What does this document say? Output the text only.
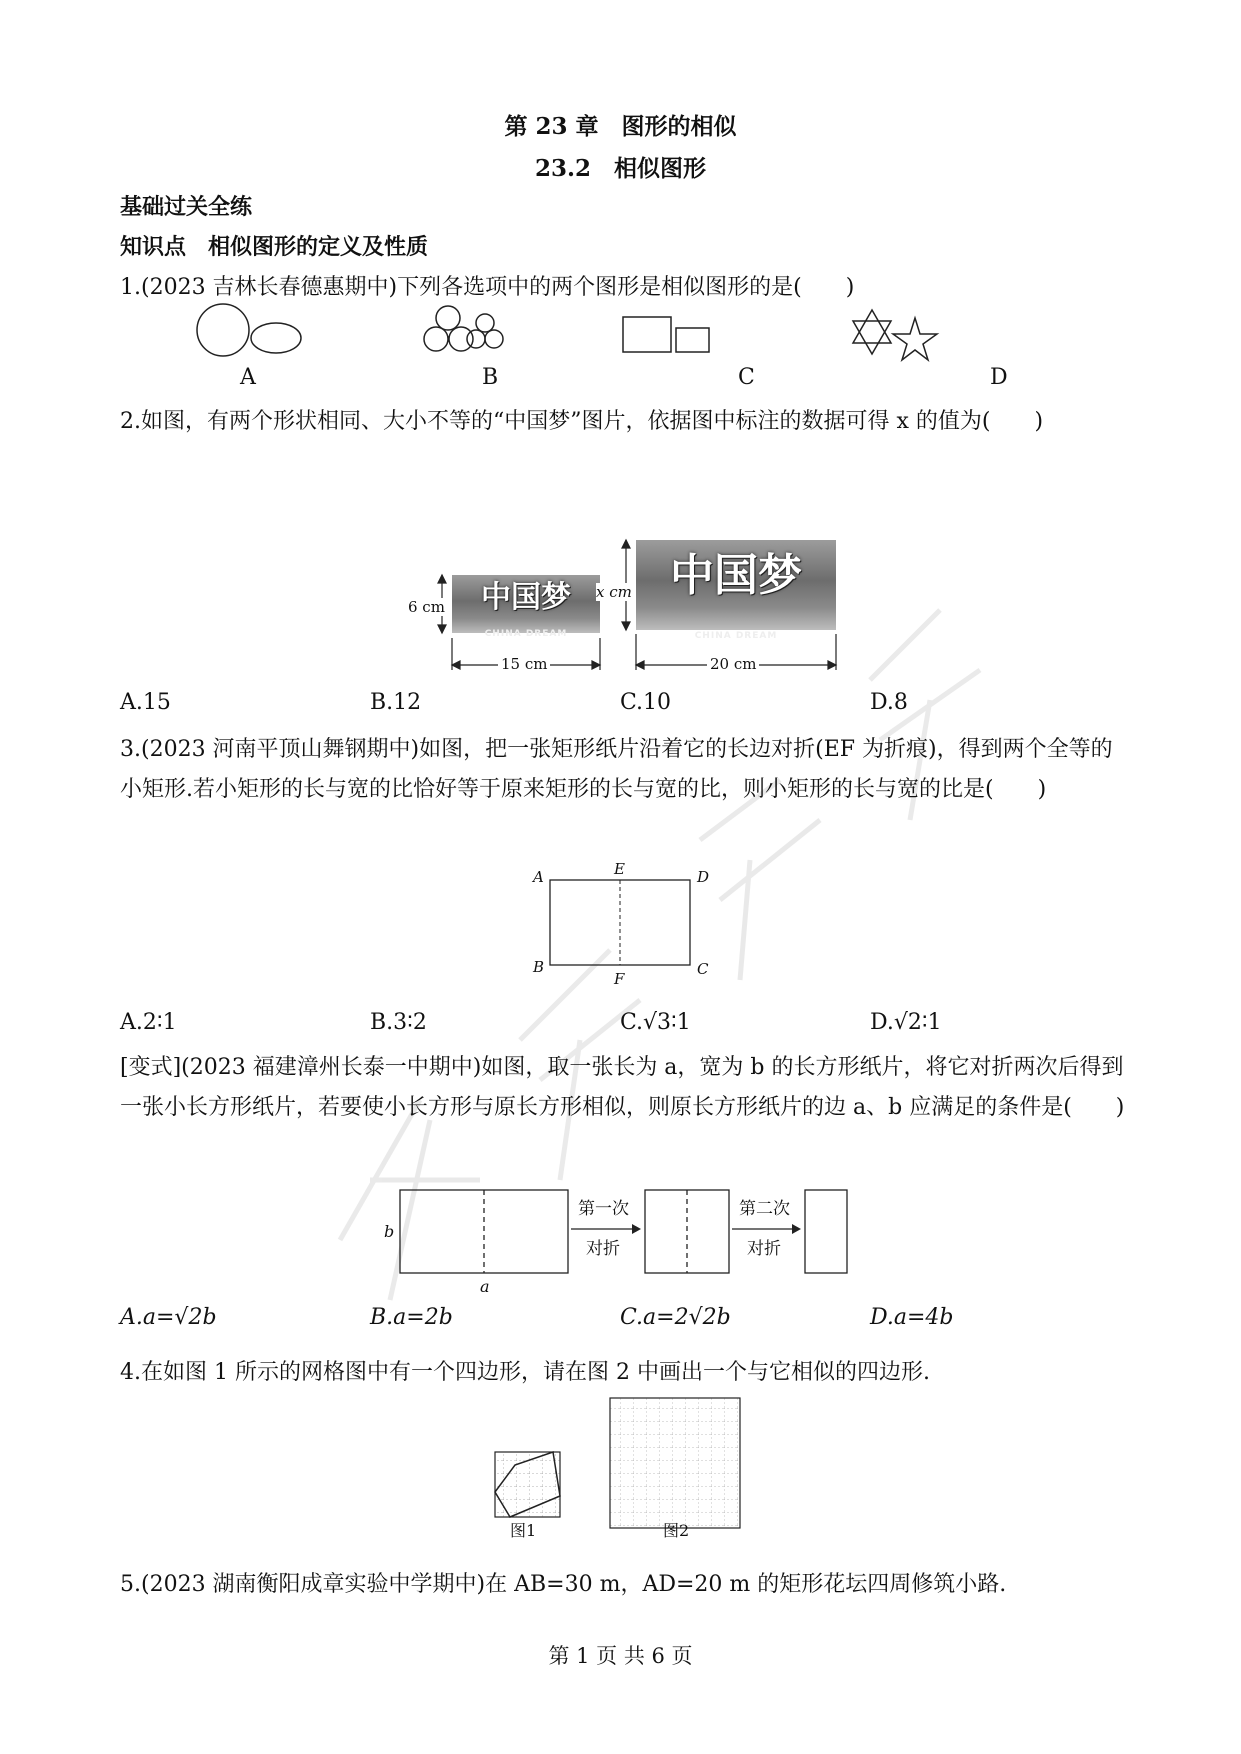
第 23 章　图形的相似
23.2　相似图形
基础过关全练
知识点　相似图形的定义及性质
1.(2023 吉林长春德惠期中)下列各选项中的两个图形是相似图形的是(　　)
A	B	C	D
2.如图，有两个形状相同、大小不等的“中国梦”图片，依据图中标注的数据可得 x 的值为(　　)
中国梦
CHINA DREAM
中国梦
CHINA DREAM
6 cm
15 cm
x cm
20 cm
A.15	B.12	C.10	D.8
3.(2023 河南平顶山舞钢期中)如图，把一张矩形纸片沿着它的长边对折(EF 为折痕)，得到两个全等的小矩形.若小矩形的长与宽的比恰好等于原来矩形的长与宽的比，则小矩形的长与宽的比是(　　)
A	E	D
B
F
C
A.2∶1	B.3∶2	C.√3∶1	D.√2∶1
[变式](2023 福建漳州长泰一中期中)如图，取一张长为 a，宽为 b 的长方形纸片，将它对折两次后得到一张小长方形纸片，若要使小长方形与原长方形相似，则原长方形纸片的边 a、b 应满足的条件是(　　)
b
a
第一次
对折
第二次
对折
A.a=√2b	B.a=2b	C.a=2√2b	D.a=4b
4.在如图 1 所示的网格图中有一个四边形，请在图 2 中画出一个与它相似的四边形.
图1	图2
5.(2023 湖南衡阳成章实验中学期中)在 AB=30 m，AD=20 m 的矩形花坛四周修筑小路.
第 1 页 共 6 页
